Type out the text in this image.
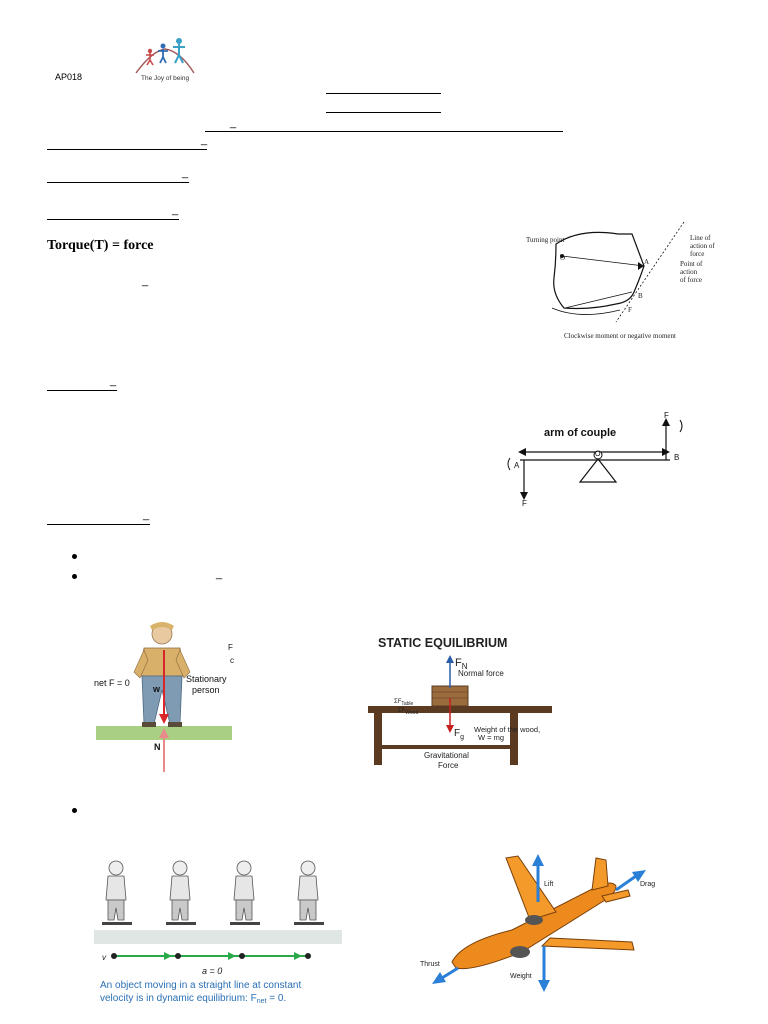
AP018	The Joy of being
_
_
_
_
Torque(T) = force
_
Turning point
O	A
B
F
Line of action of force
Point of action of force
Clockwise moment or negative moment
_
arm of couple
A
B
O
F
F
_
_
net F = 0
w
N
Stationary
person
F
c
STATIC EQUILIBRIUM
$F_N$
Normal force
$\Sigma F_{Table}$
$\Sigma F_{Wood}$
$F_g$
Weight of the wood,
W = mg
Gravitational
Force
v
a = 0
An object moving in a straight line at constant
velocity is in dynamic equilibrium: $F_{net} = 0$.
Lift	Drag
Thrust
Weight
